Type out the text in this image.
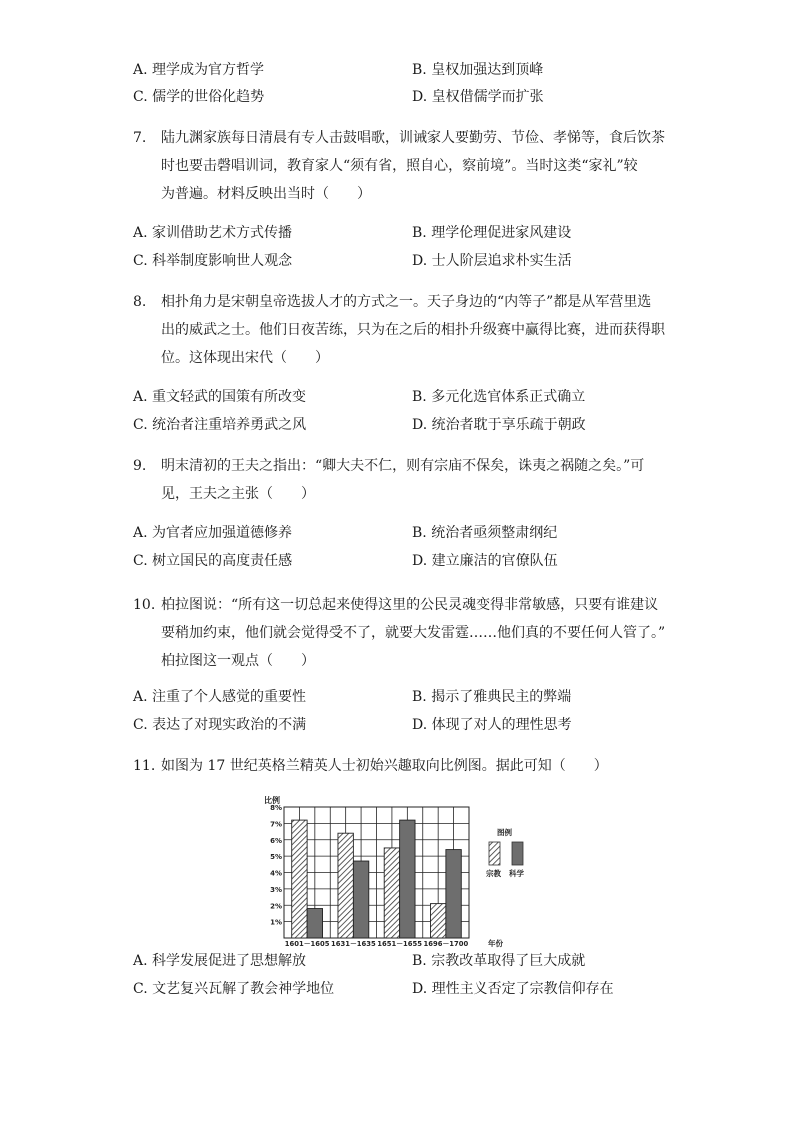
A. 理学成为官方哲学	B. 皇权加强达到顶峰
C. 儒学的世俗化趋势	D. 皇权借儒学而扩张
7. 陆九渊家族每日清晨有专人击鼓唱歌，训诫家人要勤劳、节俭、孝悌等，食后饮茶
时也要击磬唱训词，教育家人“须有省，照自心，察前境”。当时这类“家礼”较
为普遍。材料反映出当时（　　）
A. 家训借助艺术方式传播	B. 理学伦理促进家风建设
C. 科举制度影响世人观念	D. 士人阶层追求朴实生活
8. 相扑角力是宋朝皇帝选拔人才的方式之一。天子身边的“内等子”都是从军营里选
出的威武之士。他们日夜苦练，只为在之后的相扑升级赛中赢得比赛，进而获得职
位。这体现出宋代（　　）
A. 重文轻武的国策有所改变	B. 多元化选官体系正式确立
C. 统治者注重培养勇武之风	D. 统治者耽于享乐疏于朝政
9. 明末清初的王夫之指出：“卿大夫不仁，则有宗庙不保矣，诛夷之祸随之矣。”可
见，王夫之主张（　　）
A. 为官者应加强道德修养	B. 统治者亟须整肃纲纪
C. 树立国民的高度责任感	D. 建立廉洁的官僚队伍
10. 柏拉图说：“所有这一切总起来使得这里的公民灵魂变得非常敏感，只要有谁建议
要稍加约束，他们就会觉得受不了，就要大发雷霆……他们真的不要任何人管了。”
柏拉图这一观点（　　）
A. 注重了个人感觉的重要性	B. 揭示了雅典民主的弊端
C. 表达了对现实政治的不满	D. 体现了对人的理性思考
11. 如图为 17 世纪英格兰精英人士初始兴趣取向比例图。据此可知（　　）
1%
2%
3%
4%
5%
6%
7%
8%
1601－1605 1631－1635 1651－1655 1696－1700
比例
年份
图例
宗教 科学
A. 科学发展促进了思想解放	B. 宗教改革取得了巨大成就
C. 文艺复兴瓦解了教会神学地位	D. 理性主义否定了宗教信仰存在
